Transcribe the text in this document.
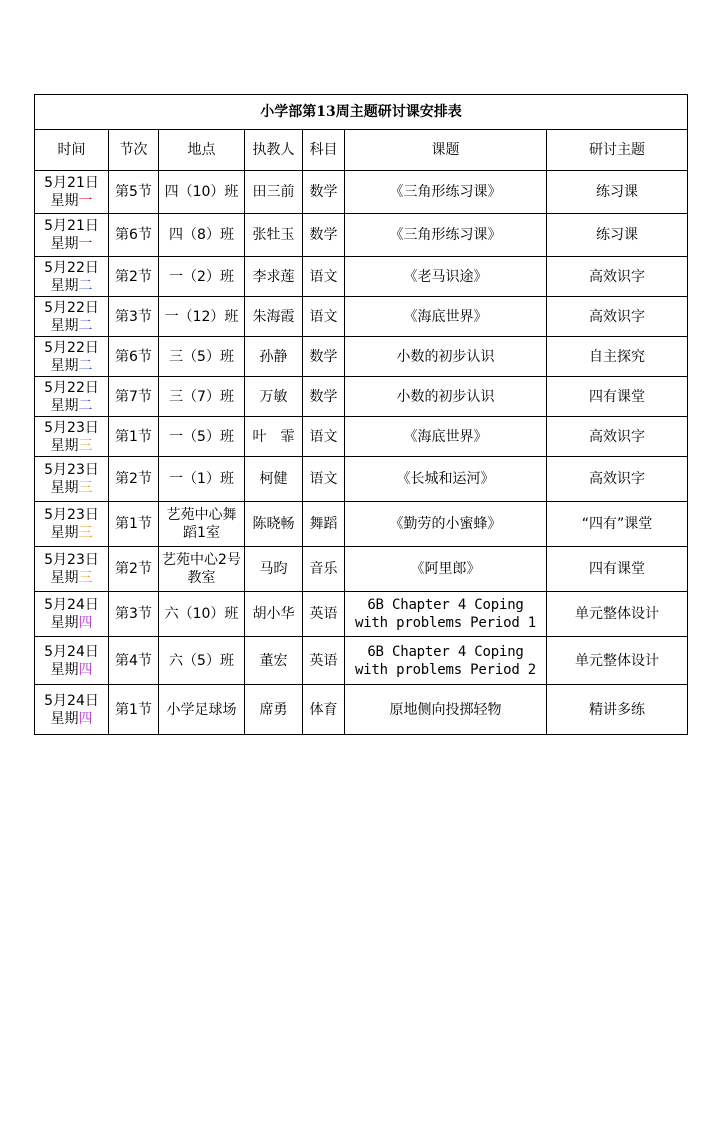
小学部第13周主题研讨课安排表						
时间	节次	地点	执教人	科目	课题	研讨主题

5月21日
星期一	第5节	四（10）班	田三前	数学	《三角形练习课》	练习课

5月21日
星期一	第6节	四（8）班	张牡玉	数学	《三角形练习课》	练习课

5月22日
星期二	第2节	一（2）班	李求莲	语文	《老马识途》	高效识字

5月22日
星期二	第3节	一（12）班	朱海霞	语文	《海底世界》	高效识字

5月22日
星期二	第6节	三（5）班	孙静	数学	小数的初步认识	自主探究

5月22日
星期二	第7节	三（7）班	万敏	数学	小数的初步认识	四有课堂

5月23日
星期三	第1节	一（5）班	叶　霏	语文	《海底世界》	高效识字

5月23日
星期三	第2节	一（1）班	柯健	语文	《长城和运河》	高效识字

5月23日
星期三	第1节	艺苑中心舞蹈1室	陈晓畅	舞蹈	《勤劳的小蜜蜂》	“四有”课堂

5月23日
星期三	第2节	艺苑中心2号教室	马昀	音乐	《阿里郎》	四有课堂

5月24日
星期四	第3节	六（10）班	胡小华	英语	6B Chapter 4 Coping with problems Period 1	单元整体设计

5月24日
星期四	第4节	六（5）班	董宏	英语	6B Chapter 4 Coping with problems Period 2	单元整体设计

5月24日
星期四	第1节	小学足球场	席勇	体育	原地侧向投掷轻物	精讲多练
